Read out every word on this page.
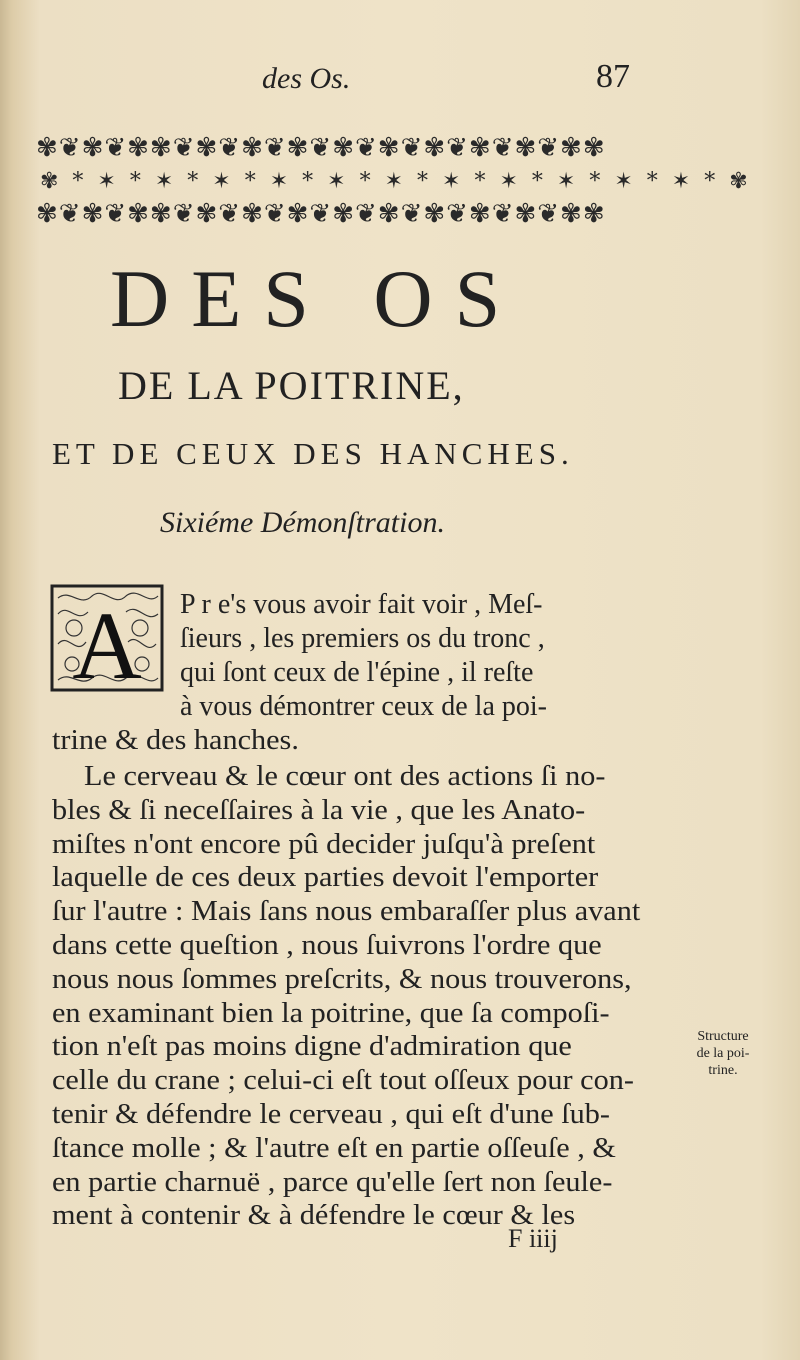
des Os.	87
✾❦✾❦✾✾❦✾❦✾❦✾❦✾❦✾❦✾❦✾❦✾❦✾✾
✾*✶*✶*✶*✶*✶*✶*✶*✶*✶*✶*✶*✾
✾❦✾❦✾✾❦✾❦✾❦✾❦✾❦✾❦✾❦✾❦✾❦✾✾
DES OS
DE LA POITRINE,
ET DE CEUX DES HANCHES.
Sixiéme Démonſtration.
A P r e's vous avoir fait voir , Meſ-
ſieurs , les premiers os du tronc ,
qui ſont ceux de l'épine , il reſte
à vous démontrer ceux de la poi-
trine & des hanches.
Le cerveau & le cœur ont des actions ſi no-
bles & ſi neceſſaires à la vie , que les Anato-
miſtes n'ont encore pû decider juſqu'à preſent
laquelle de ces deux parties devoit l'emporter
ſur l'autre : Mais ſans nous embaraſſer plus avant
dans cette queſtion , nous ſuivrons l'ordre que
nous nous ſommes preſcrits, & nous trouverons,
en examinant bien la poitrine, que ſa compoſi-
tion n'eſt pas moins digne d'admiration que
celle du crane ; celui-ci eſt tout oſſeux pour con-
tenir & défendre le cerveau , qui eſt d'une ſub-
ſtance molle ; & l'autre eſt en partie oſſeuſe , &
en partie charnuë , parce qu'elle ſert non ſeule-
ment à contenir & à défendre le cœur & les
Structure
de la poi-
trine.
F iiij
